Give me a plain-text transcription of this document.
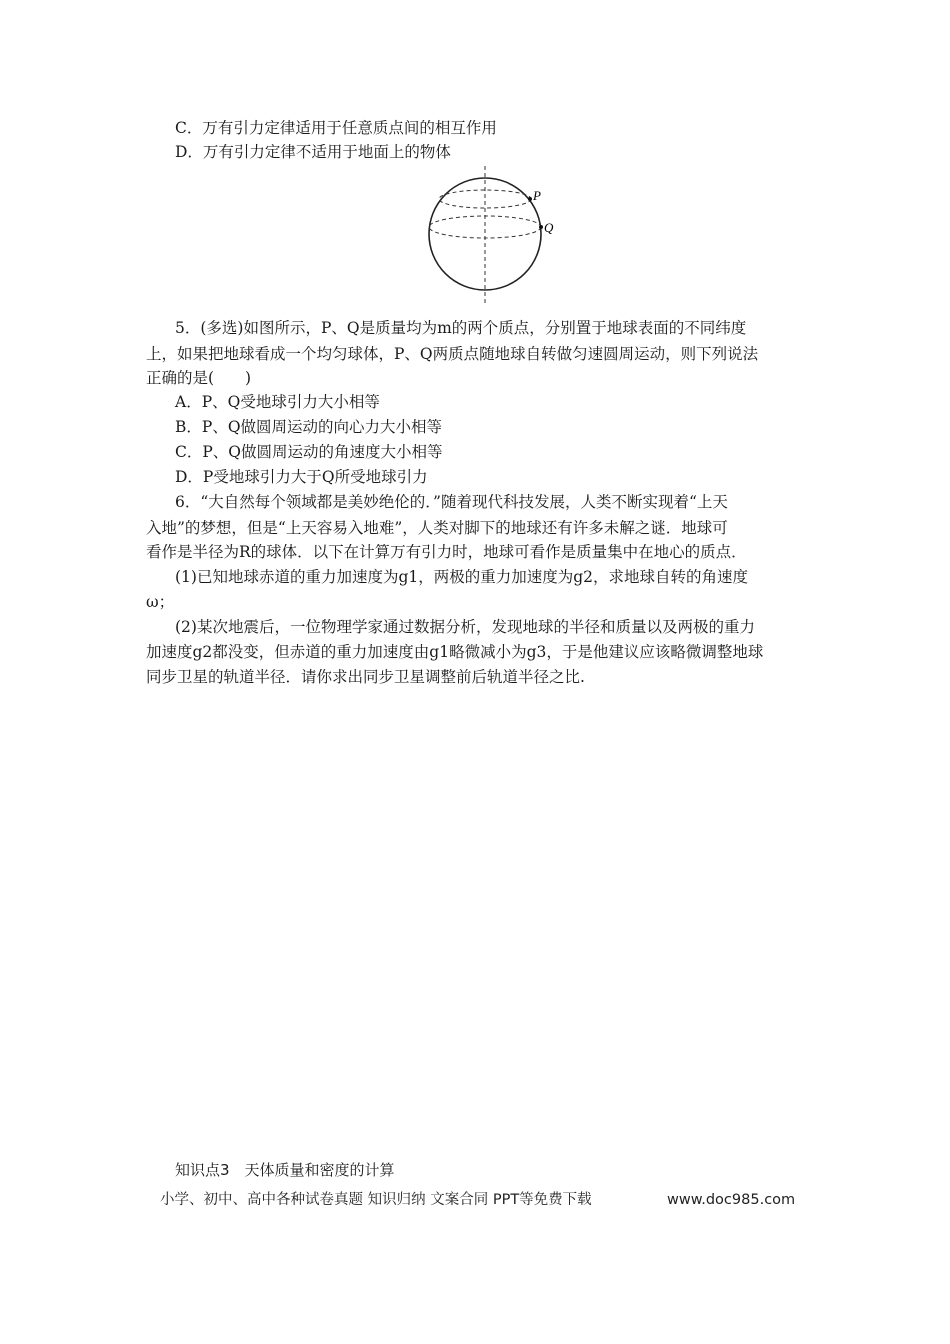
C．万有引力定律适用于任意质点间的相互作用
D．万有引力定律不适用于地面上的物体
P
Q
5．(多选)如图所示，P、Q是质量均为m的两个质点，分别置于地球表面的不同纬度
上，如果把地球看成一个均匀球体，P、Q两质点随地球自转做匀速圆周运动，则下列说法
正确的是(　　)
A．P、Q受地球引力大小相等
B．P、Q做圆周运动的向心力大小相等
C．P、Q做圆周运动的角速度大小相等
D．P受地球引力大于Q所受地球引力
6．“大自然每个领域都是美妙绝伦的．”随着现代科技发展，人类不断实现着“上天
入地”的梦想，但是“上天容易入地难”，人类对脚下的地球还有许多未解之谜．地球可
看作是半径为R的球体．以下在计算万有引力时，地球可看作是质量集中在地心的质点．
(1)已知地球赤道的重力加速度为g1，两极的重力加速度为g2，求地球自转的角速度
ω；
(2)某次地震后，一位物理学家通过数据分析，发现地球的半径和质量以及两极的重力
加速度g2都没变，但赤道的重力加速度由g1略微减小为g3，于是他建议应该略微调整地球
同步卫星的轨道半径．请你求出同步卫星调整前后轨道半径之比.
知识点3　天体质量和密度的计算
小学、初中、高中各种试卷真题 知识归纳 文案合同 PPT等免费下载	www.doc985.com
